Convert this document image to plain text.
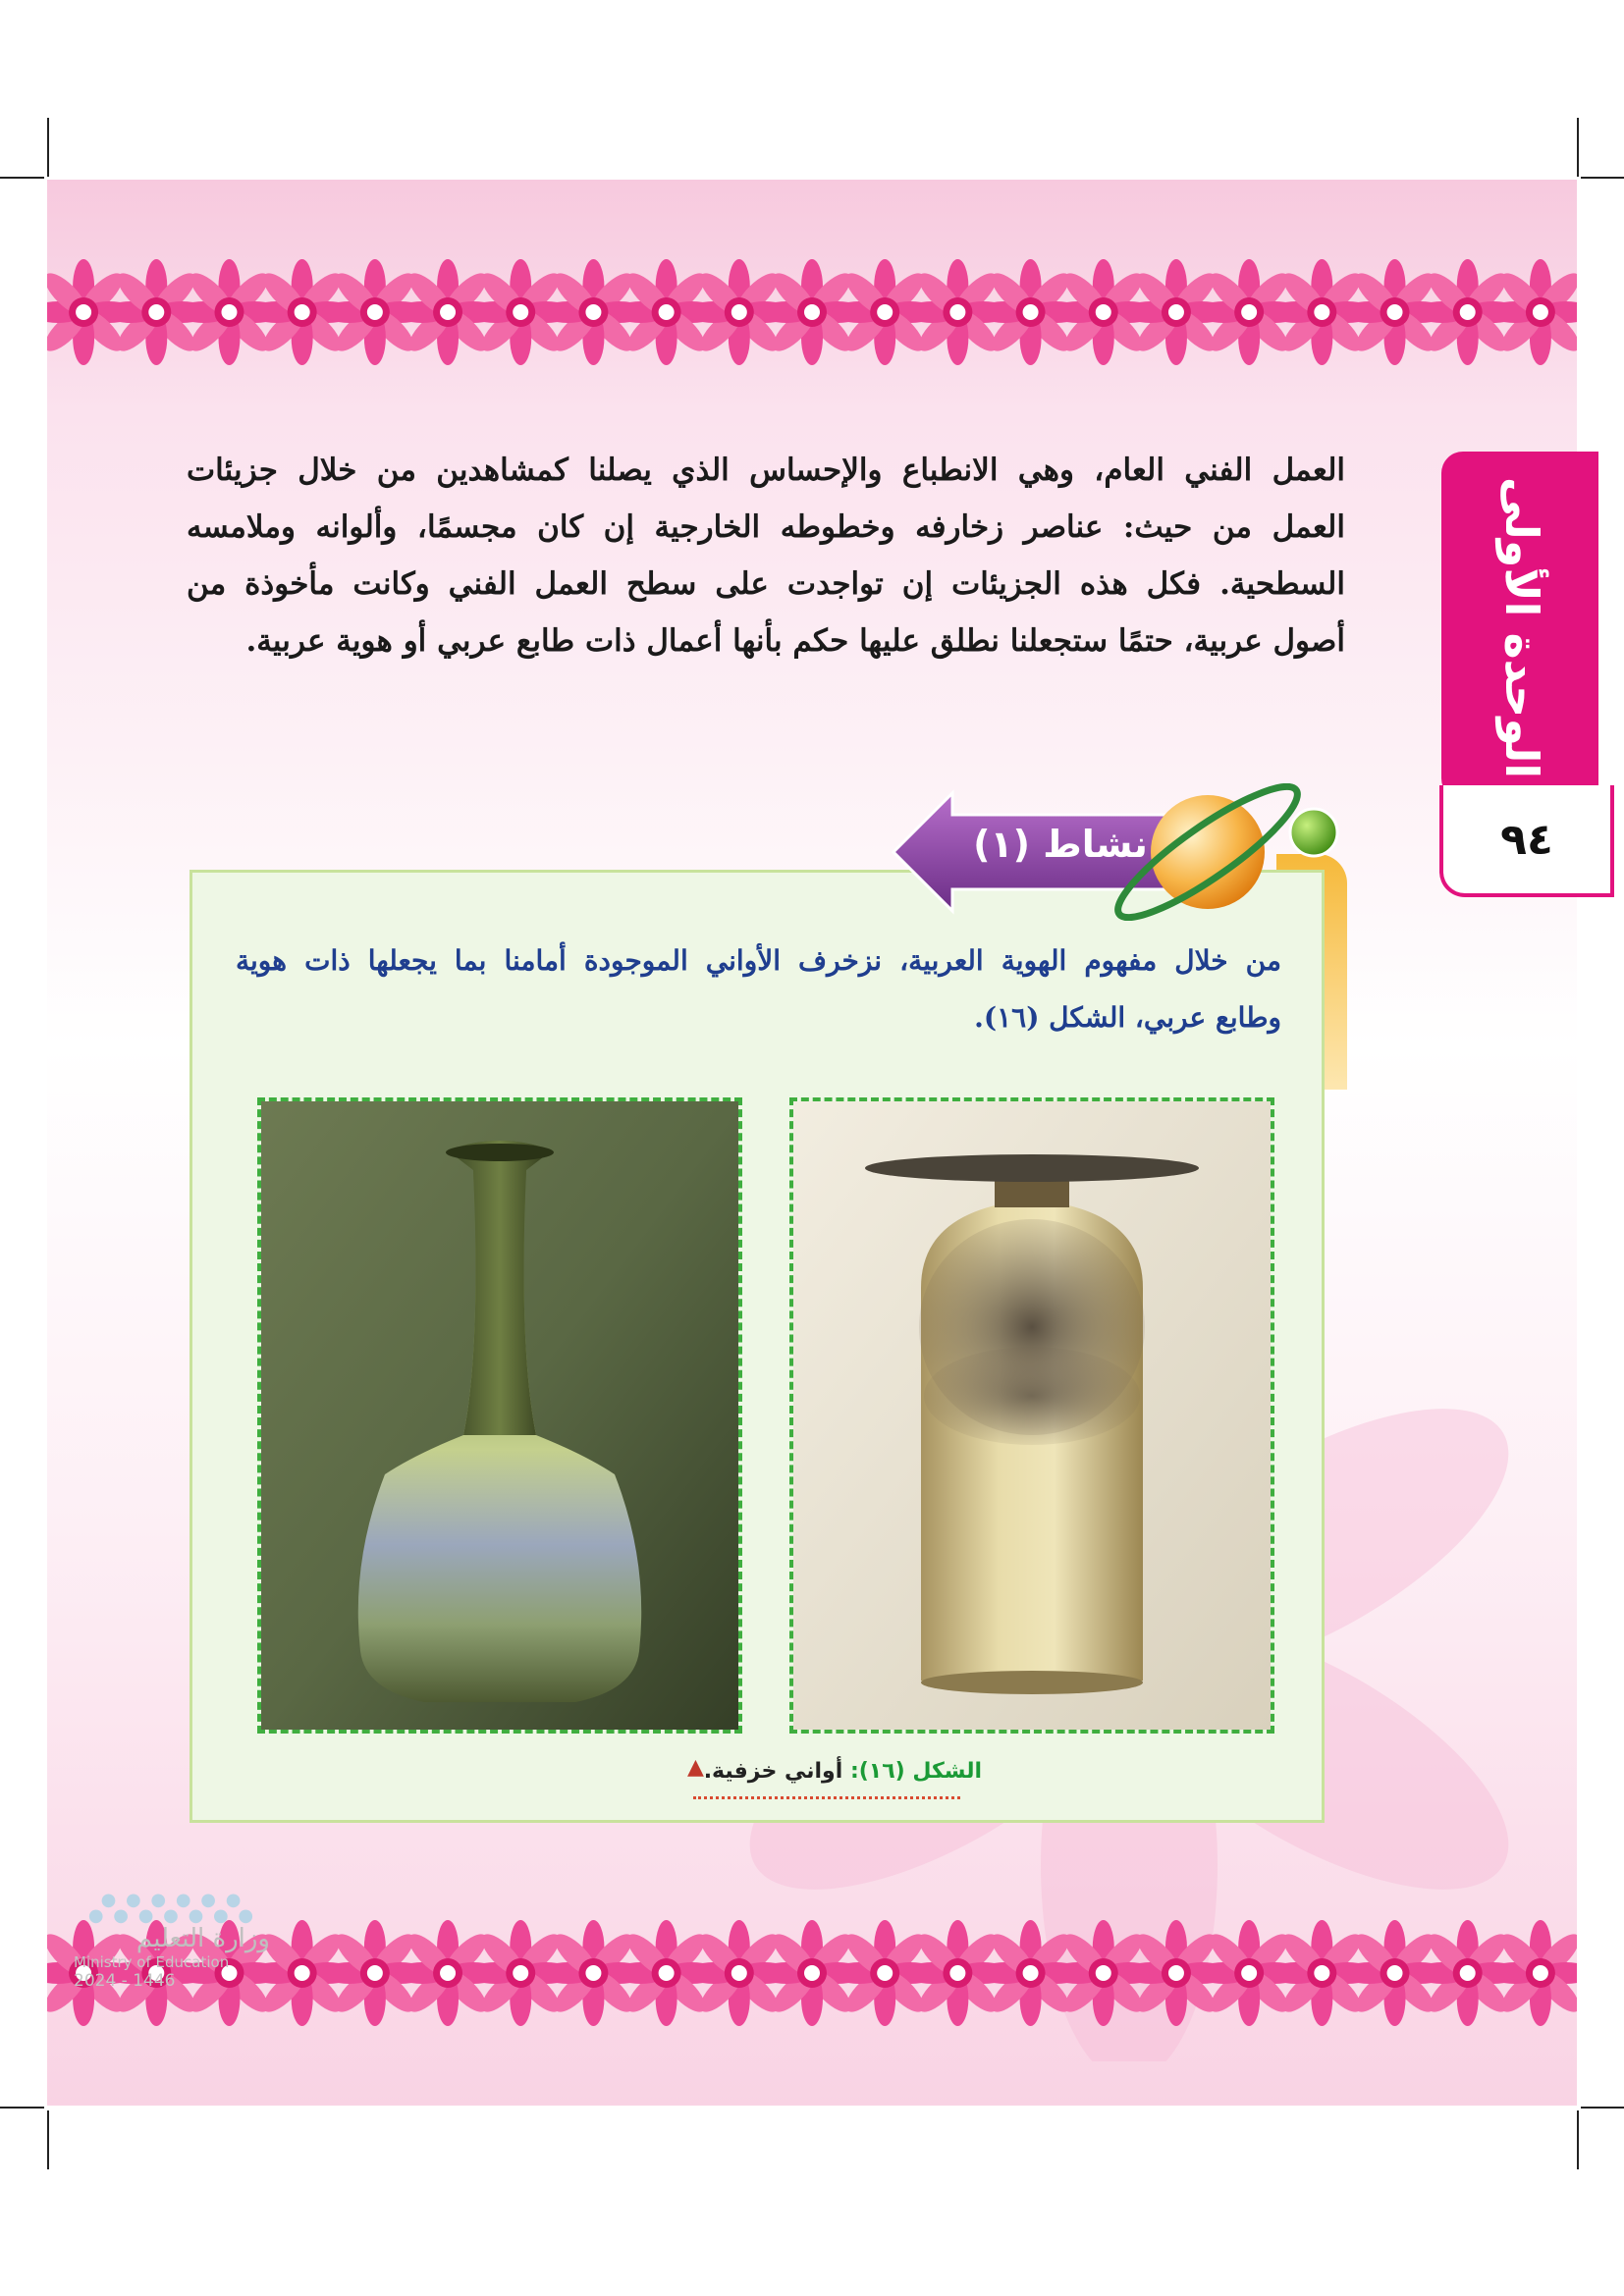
العمل الفني العام، وهي الانطباع والإحساس الذي يصلنا كمشاهدين من خلال جزيئات

العمل من حيث: عناصر زخارفه وخطوطه الخارجية إن كان مجسمًا، وألوانه وملامسه

السطحية. فكل هذه الجزيئات إن تواجدت على سطح العمل الفني وكانت مأخوذة من

أصول عربية، حتمًا ستجعلنا نطلق عليها حكم بأنها أعمال ذات طابع عربي أو هوية عربية.	الوحدة الأولى
٩٤
نشاط (١)

من خلال مفهوم الهوية العربية، نزخرف الأواني الموجودة أمامنا بما يجعلها ذات هوية

وطابع عربي، الشكل (١٦).

الشكل (١٦): أواني خزفية.
▲
● ● ● ● ● ●
● ● ● ● ● ● ●
وزارة التعليم
Ministry of Education
2024 - 1446
